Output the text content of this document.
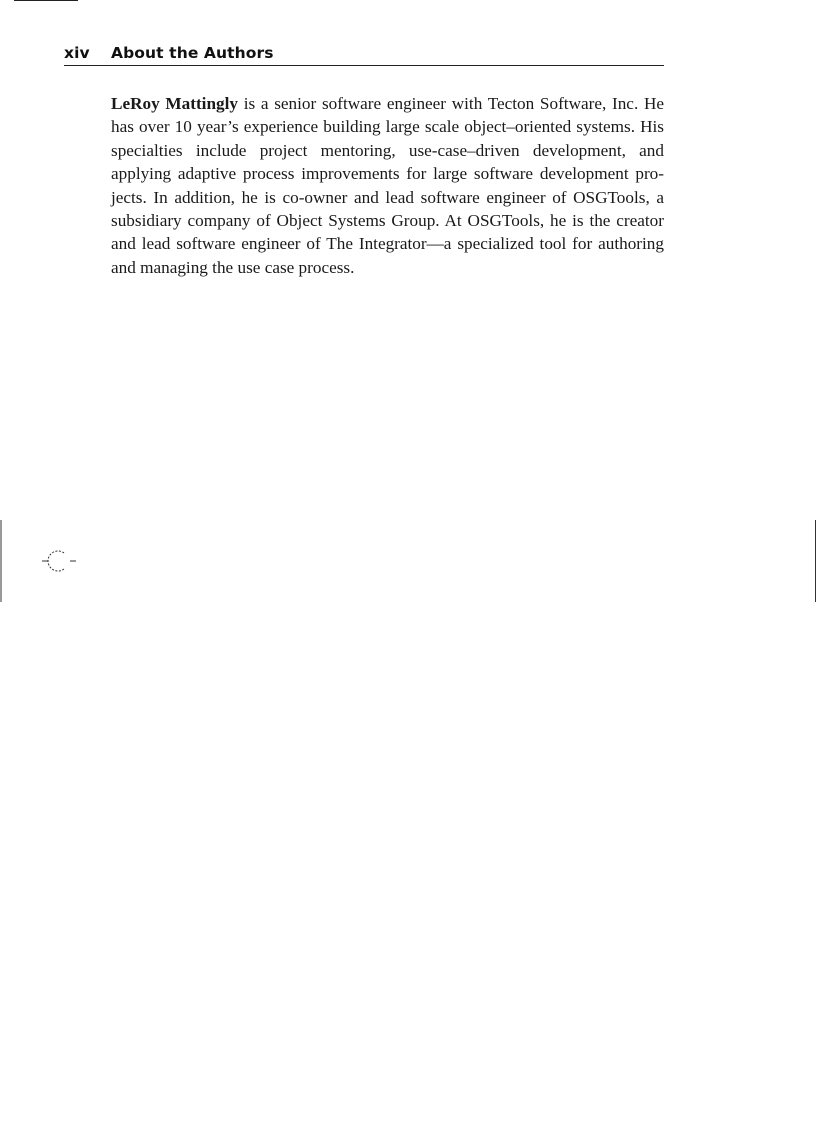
xiv	About the Authors

LeRoy Mattingly is a senior software engineer with Tecton Software, Inc. He has over 10 year’s experience building large scale object–oriented systems. His specialties include project mentoring, use-case–driven development, and applying adaptive process improvements for large software development pro-jects. In addition, he is co-owner and lead software engineer of OSGTools, a subsidiary company of Object Systems Group. At OSGTools, he is the creator and lead software engineer of The Integrator—a specialized tool for authoring and managing the use case process.
